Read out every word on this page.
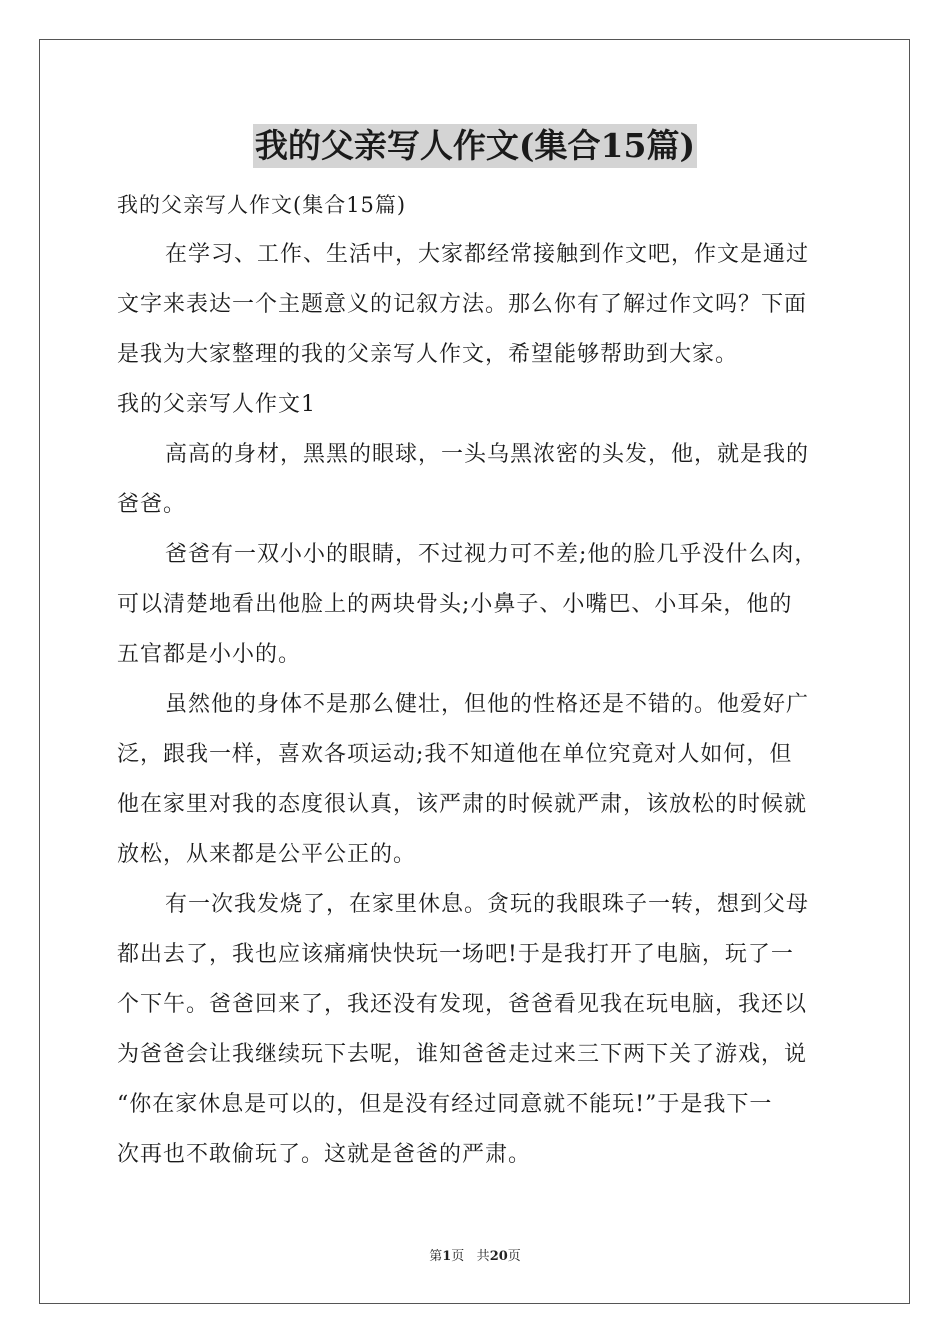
我的父亲写人作文(集合15篇)
我的父亲写人作文(集合15篇)
在学习、工作、生活中，大家都经常接触到作文吧，作文是通过
文字来表达一个主题意义的记叙方法。那么你有了解过作文吗？下面
是我为大家整理的我的父亲写人作文，希望能够帮助到大家。
我的父亲写人作文1
高高的身材，黑黑的眼球，一头乌黑浓密的头发，他，就是我的
爸爸。
爸爸有一双小小的眼睛，不过视力可不差;他的脸几乎没什么肉，
可以清楚地看出他脸上的两块骨头;小鼻子、小嘴巴、小耳朵，他的
五官都是小小的。
虽然他的身体不是那么健壮，但他的性格还是不错的。他爱好广
泛，跟我一样，喜欢各项运动;我不知道他在单位究竟对人如何，但
他在家里对我的态度很认真，该严肃的时候就严肃，该放松的时候就
放松，从来都是公平公正的。
有一次我发烧了，在家里休息。贪玩的我眼珠子一转，想到父母
都出去了，我也应该痛痛快快玩一场吧!于是我打开了电脑，玩了一
个下午。爸爸回来了，我还没有发现，爸爸看见我在玩电脑，我还以
为爸爸会让我继续玩下去呢，谁知爸爸走过来三下两下关了游戏，说
“你在家休息是可以的，但是没有经过同意就不能玩!”于是我下一
次再也不敢偷玩了。这就是爸爸的严肃。
第1页 共20页
